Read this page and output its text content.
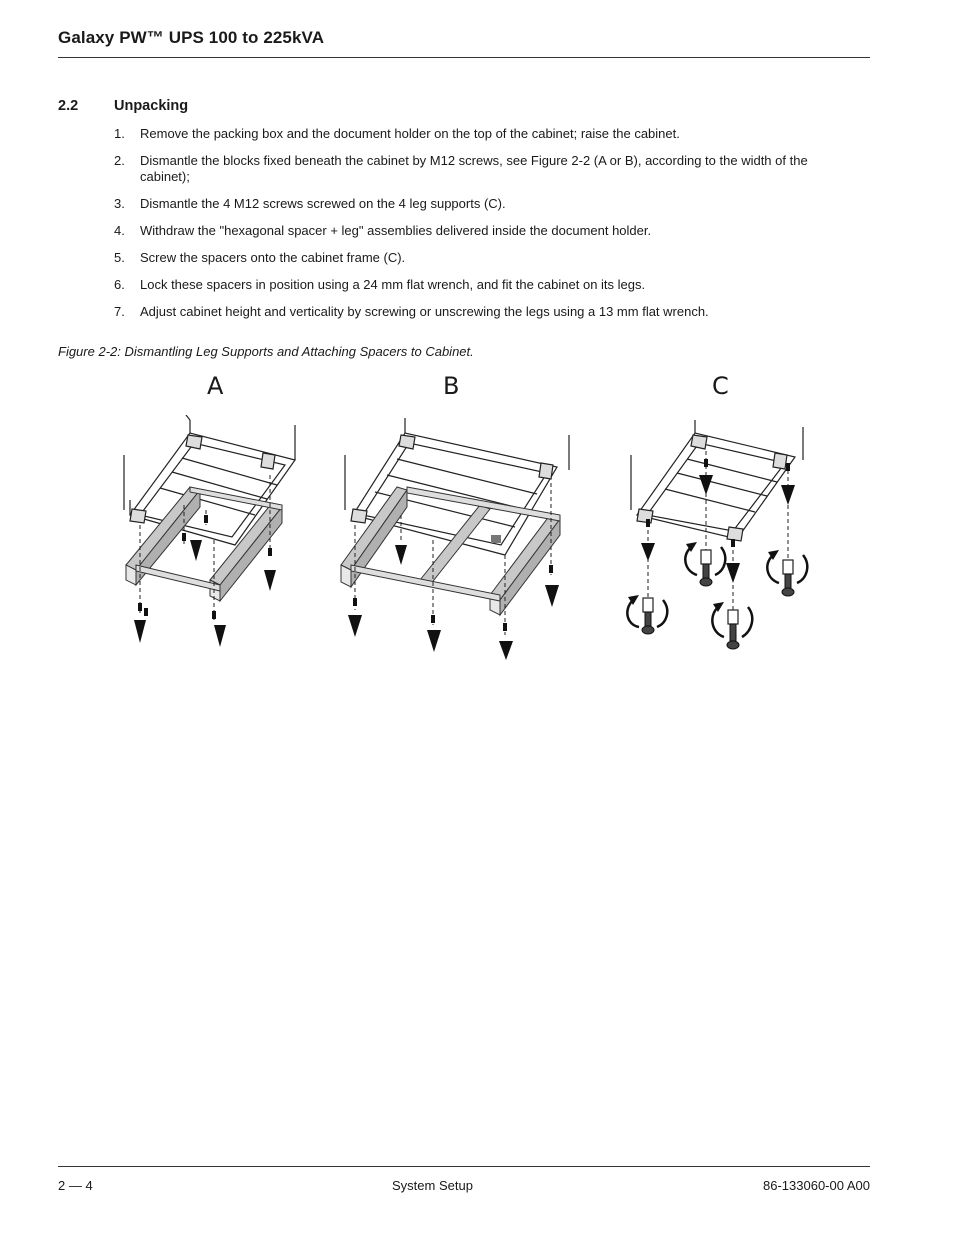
Galaxy PW™ UPS 100 to 225kVA
2.2 Unpacking
1. Remove the packing box and the document holder on the top of the cabinet; raise the cabinet.
2. Dismantle the blocks fixed beneath the cabinet by M12 screws, see Figure 2-2 (A or B), according to the width of the cabinet);
3. Dismantle the 4 M12 screws screwed on the 4 leg supports (C).
4. Withdraw the "hexagonal spacer + leg" assemblies delivered inside the document holder.
5. Screw the spacers onto the cabinet frame (C).
6. Lock these spacers in position using a 24 mm flat wrench, and fit the cabinet on its legs.
7. Adjust cabinet height and verticality by screwing or unscrewing the legs using a 13 mm flat wrench.
Figure 2-2: Dismantling Leg Supports and Attaching Spacers to Cabinet.
A	B	C
2 — 4	System Setup	86-133060-00 A00
